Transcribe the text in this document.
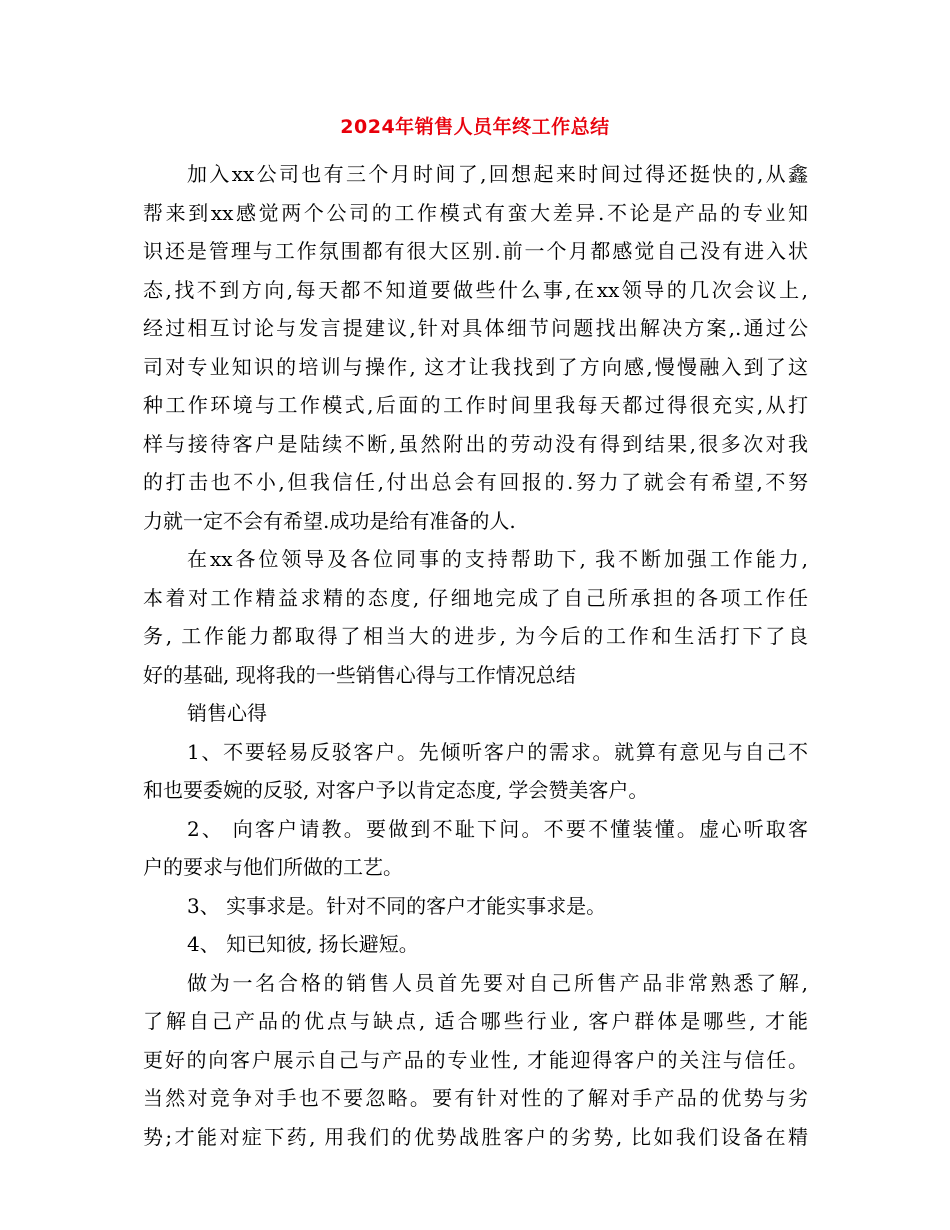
2024年销售人员年终工作总结
加入xx公司也有三个月时间了,回想起来时间过得还挺快的,从鑫
帮来到xx感觉两个公司的工作模式有蛮大差异.不论是产品的专业知
识还是管理与工作氛围都有很大区别.前一个月都感觉自己没有进入状
态,找不到方向,每天都不知道要做些什么事,在xx领导的几次会议上,
经过相互讨论与发言提建议,针对具体细节问题找出解决方案,.通过公
司对专业知识的培训与操作, 这才让我找到了方向感,慢慢融入到了这
种工作环境与工作模式,后面的工作时间里我每天都过得很充实,从打
样与接待客户是陆续不断,虽然附出的劳动没有得到结果,很多次对我
的打击也不小,但我信任,付出总会有回报的.努力了就会有希望,不努
力就一定不会有希望.成功是给有准备的人.
在xx各位领导及各位同事的支持帮助下, 我不断加强工作能力,
本着对工作精益求精的态度, 仔细地完成了自己所承担的各项工作任
务, 工作能力都取得了相当大的进步, 为今后的工作和生活打下了良
好的基础, 现将我的一些销售心得与工作情况总结
销售心得
1、不要轻易反驳客户。先倾听客户的需求。就算有意见与自己不
和也要委婉的反驳, 对客户予以肯定态度, 学会赞美客户。
2、 向客户请教。要做到不耻下问。不要不懂装懂。虚心听取客
户的要求与他们所做的工艺。
3、 实事求是。针对不同的客户才能实事求是。
4、 知已知彼, 扬长避短。
做为一名合格的销售人员首先要对自己所售产品非常熟悉了解,
了解自己产品的优点与缺点, 适合哪些行业, 客户群体是哪些, 才能
更好的向客户展示自己与产品的专业性, 才能迎得客户的关注与信任。
当然对竞争对手也不要忽略。要有针对性的了解对手产品的优势与劣
势;才能对症下药, 用我们的优势战胜客户的劣势, 比如我们设备在精
